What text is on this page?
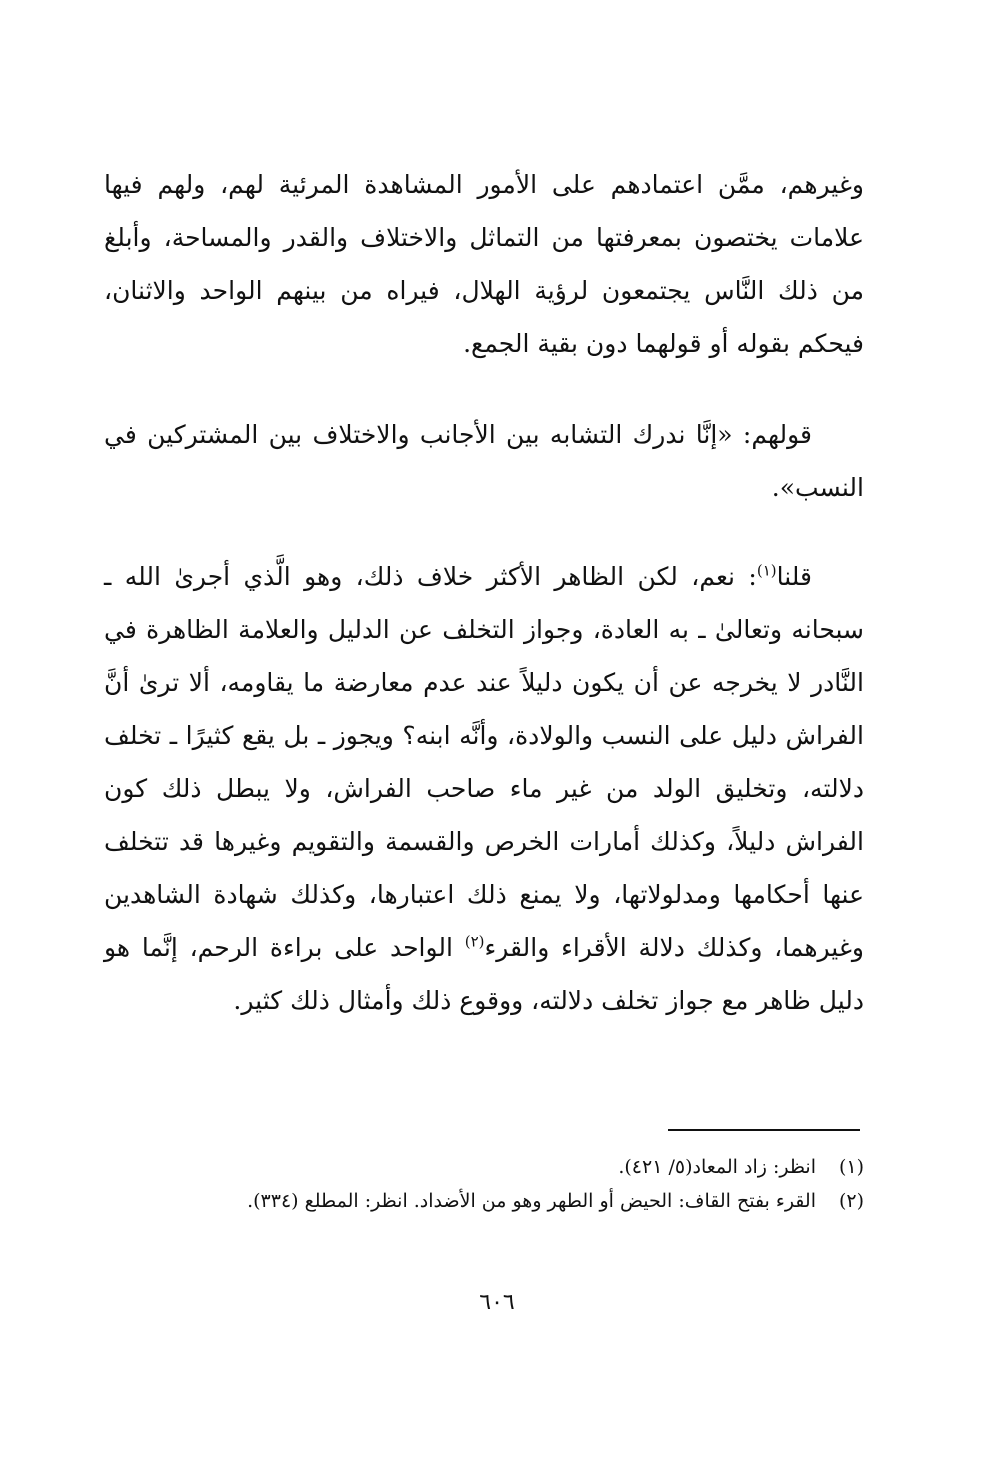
وغيرهم، ممَّن اعتمادهم على الأمور المشاهدة المرئية لهم، ولهم فيها علامات يختصون بمعرفتها من التماثل والاختلاف والقدر والمساحة، وأبلغ من ذلك النَّاس يجتمعون لرؤية الهلال، فيراه من بينهم الواحد والاثنان، فيحكم بقوله أو قولهما دون بقية الجمع.

قولهم: «إنَّا ندرك التشابه بين الأجانب والاختلاف بين المشتركين في النسب».

قلنا$^{(١)}$: نعم، لكن الظاهر الأكثر خلاف ذلك، وهو الَّذي أجرىٰ الله ـ سبحانه وتعالىٰ ـ به العادة، وجواز التخلف عن الدليل والعلامة الظاهرة في النَّادر لا يخرجه عن أن يكون دليلاً عند عدم معارضة ما يقاومه، ألا ترىٰ أنَّ الفراش دليل على النسب والولادة، وأنَّه ابنه؟ ويجوز ـ بل يقع كثيرًا ـ تخلف دلالته، وتخليق الولد من غير ماء صاحب الفراش، ولا يبطل ذلك كون الفراش دليلاً، وكذلك أمارات الخرص والقسمة والتقويم وغيرها قد تتخلف عنها أحكامها ومدلولاتها، ولا يمنع ذلك اعتبارها، وكذلك شهادة الشاهدين وغيرهما، وكذلك دلالة الأقراء والقرء$^{(٢)}$ الواحد على براءة الرحم، إنَّما هو دليل ظاهر مع جواز تخلف دلالته، ووقوع ذلك وأمثال ذلك كثير.

(١)
انظر: زاد المعاد(٥/ ٤٢١).
(٢)
القرء بفتح القاف: الحيض أو الطهر وهو من الأضداد. انظر: المطلع (٣٣٤).
٦٠٦
